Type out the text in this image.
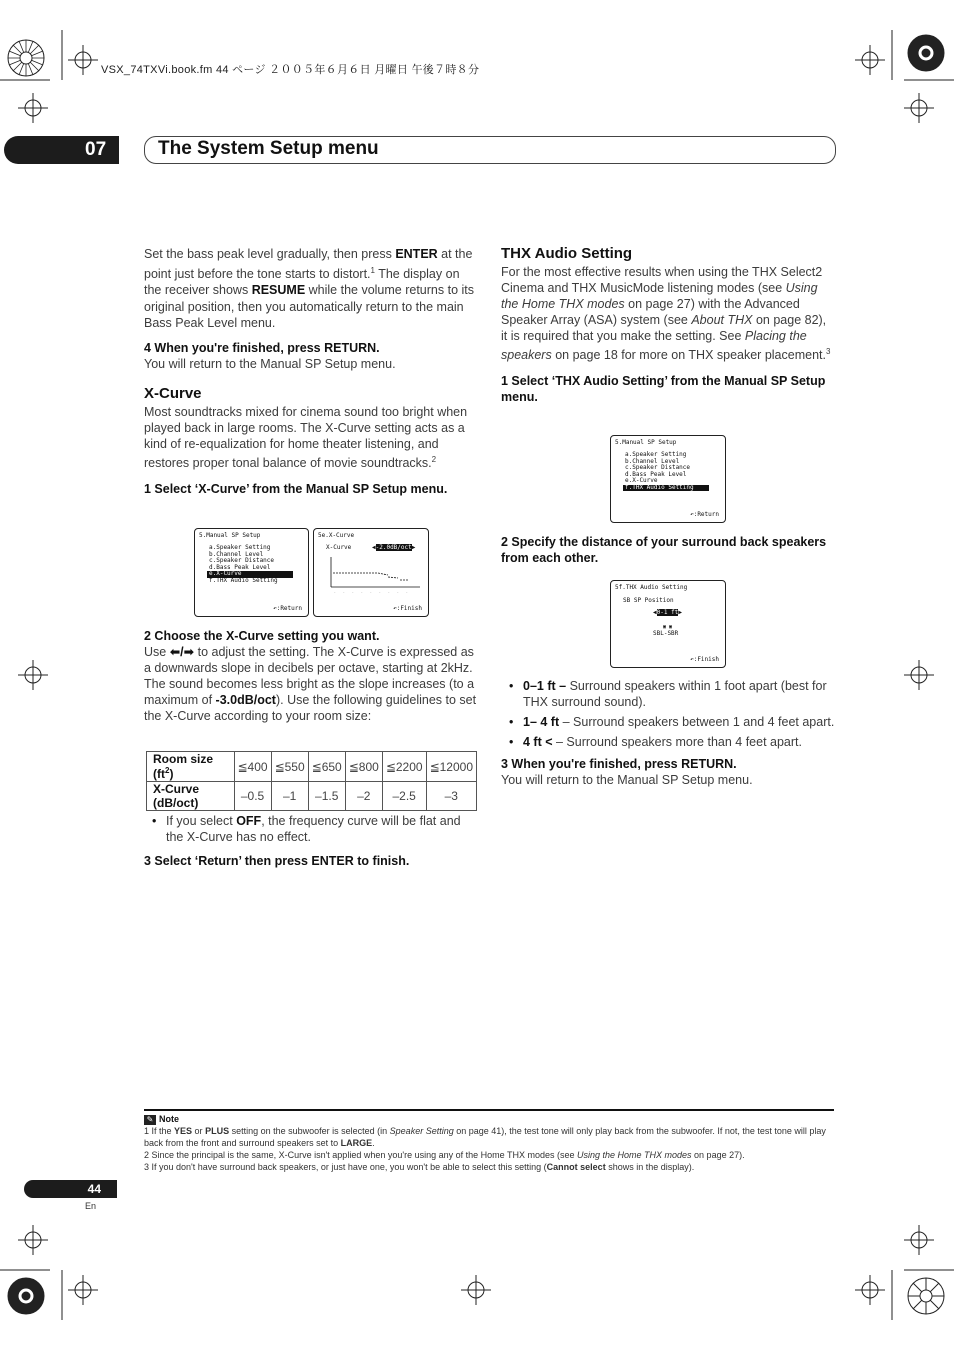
VSX_74TXVi.book.fm 44 ページ ２００５年６月６日 月曜日 午後７時８分
07	The System Setup menu

Set the bass peak level gradually, then press ENTER at the point just before the tone starts to distort.$^1$ The display on the receiver shows RESUME while the volume returns to its original position, then you automatically return to the main Bass Peak Level menu.

4 When you're finished, press RETURN.

You will return to the Manual SP Setup menu.

X-Curve

Most soundtracks mixed for cinema sound too bright when played back in large rooms. The X-Curve setting acts as a kind of re-equalization for home theater listening, and restores proper tonal balance of movie soundtracks.$^2$

1 Select ‘X-Curve’ from the Manual SP Setup menu.

5.Manual SP Setup
a.Speaker Setting
b.Channel Level
c.Speaker Distance
d.Bass Peak Level
e.X-Curve
f.THX Audio Setting
↶:Return
5e.X-Curve
X-Curve	◀-2.0dB/oct▶
· · · · · · · · ·
↶:Finish

2 Choose the X-Curve setting you want.

Use ⬅/➡ to adjust the setting. The X-Curve is expressed as a downwards slope in decibels per octave, starting at 2kHz. The sound becomes less bright as the slope increases (to a maximum of -3.0dB/oct). Use the following guidelines to set the X-Curve according to your room size:

Room size $(ft^2)$	≦400	≦550	≦650	≦800	≦2200	≦12000
X-Curve (dB/oct)	–0.5	–1	–1.5	–2	–2.5	–3
• If you select OFF, the frequency curve will be flat and the X-Curve has no effect.

3 Select ‘Return’ then press ENTER to finish.

THX Audio Setting

For the most effective results when using the THX Select2 Cinema and THX MusicMode listening modes (see Using the Home THX modes on page 27) with the Advanced Speaker Array (ASA) system (see About THX on page 82), it is required that you make the setting. See Placing the speakers on page 18 for more on THX speaker placement.$^3$

1 Select ‘THX Audio Setting’ from the Manual SP Setup menu.

5.Manual SP Setup
a.Speaker Setting
b.Channel Level
c.Speaker Distance
d.Bass Peak Level
e.X-Curve
f.THX Audio Setting
↶:Return

2 Specify the distance of your surround back speakers from each other.

5f.THX Audio Setting
SB SP Position
◀0-1 ft▶
▣ ▣
SBL-SBR
↶:Finish
• 0–1 ft – Surround speakers within 1 foot apart (best for THX surround sound).
• 1– 4 ft – Surround speakers between 1 and 4 feet apart.
• 4 ft < – Surround speakers more than 4 feet apart.

3 When you're finished, press RETURN.

You will return to the Manual SP Setup menu.

✎ Note
1 If the YES or PLUS setting on the subwoofer is selected (in Speaker Setting on page 41), the test tone will only play back from the subwoofer. If not, the test tone will play back from the front and surround speakers set to LARGE.
2 Since the principal is the same, X-Curve isn't applied when you're using any of the Home THX modes (see Using the Home THX modes on page 27).
3 If you don't have surround back speakers, or just have one, you won't be able to select this setting (Cannot select shows in the display).
44
En
